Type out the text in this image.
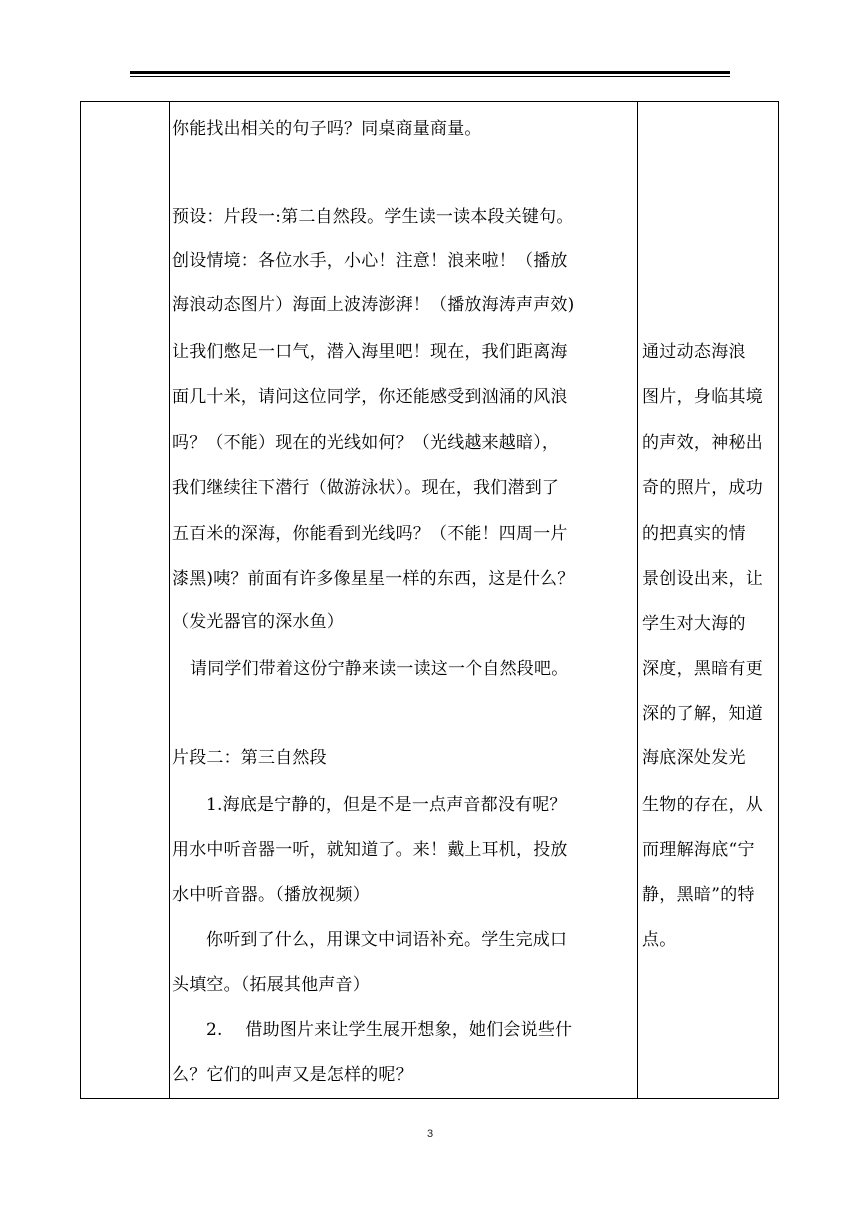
你能找出相关的句子吗？同桌商量商量。
预设：片段一:第二自然段。学生读一读本段关键句。
创设情境：各位水手，小心！注意！浪来啦！（播放
海浪动态图片）海面上波涛澎湃！（播放海涛声声效)
让我们憋足一口气，潜入海里吧！现在，我们距离海
面几十米，请问这位同学，你还能感受到汹涌的风浪
吗？（不能）现在的光线如何？（光线越来越暗），
我们继续往下潜行（做游泳状）。现在，我们潜到了
五百米的深海，你能看到光线吗？（不能！四周一片
漆黑)咦？前面有许多像星星一样的东西，这是什么？
（发光器官的深水鱼）
请同学们带着这份宁静来读一读这一个自然段吧。
片段二：第三自然段
1.海底是宁静的，但是不是一点声音都没有呢？
用水中听音器一听，就知道了。来！戴上耳机，投放
水中听音器。（播放视频）
你听到了什么，用课文中词语补充。学生完成口
头填空。（拓展其他声音）
2.　 借助图片来让学生展开想象，她们会说些什
么？它们的叫声又是怎样的呢？
通过动态海浪
图片，身临其境
的声效，神秘出
奇的照片，成功
的把真实的情
景创设出来，让
学生对大海的
深度，黑暗有更
深的了解，知道
海底深处发光
生物的存在，从
而理解海底“宁
静，黑暗”的特
点。
3
